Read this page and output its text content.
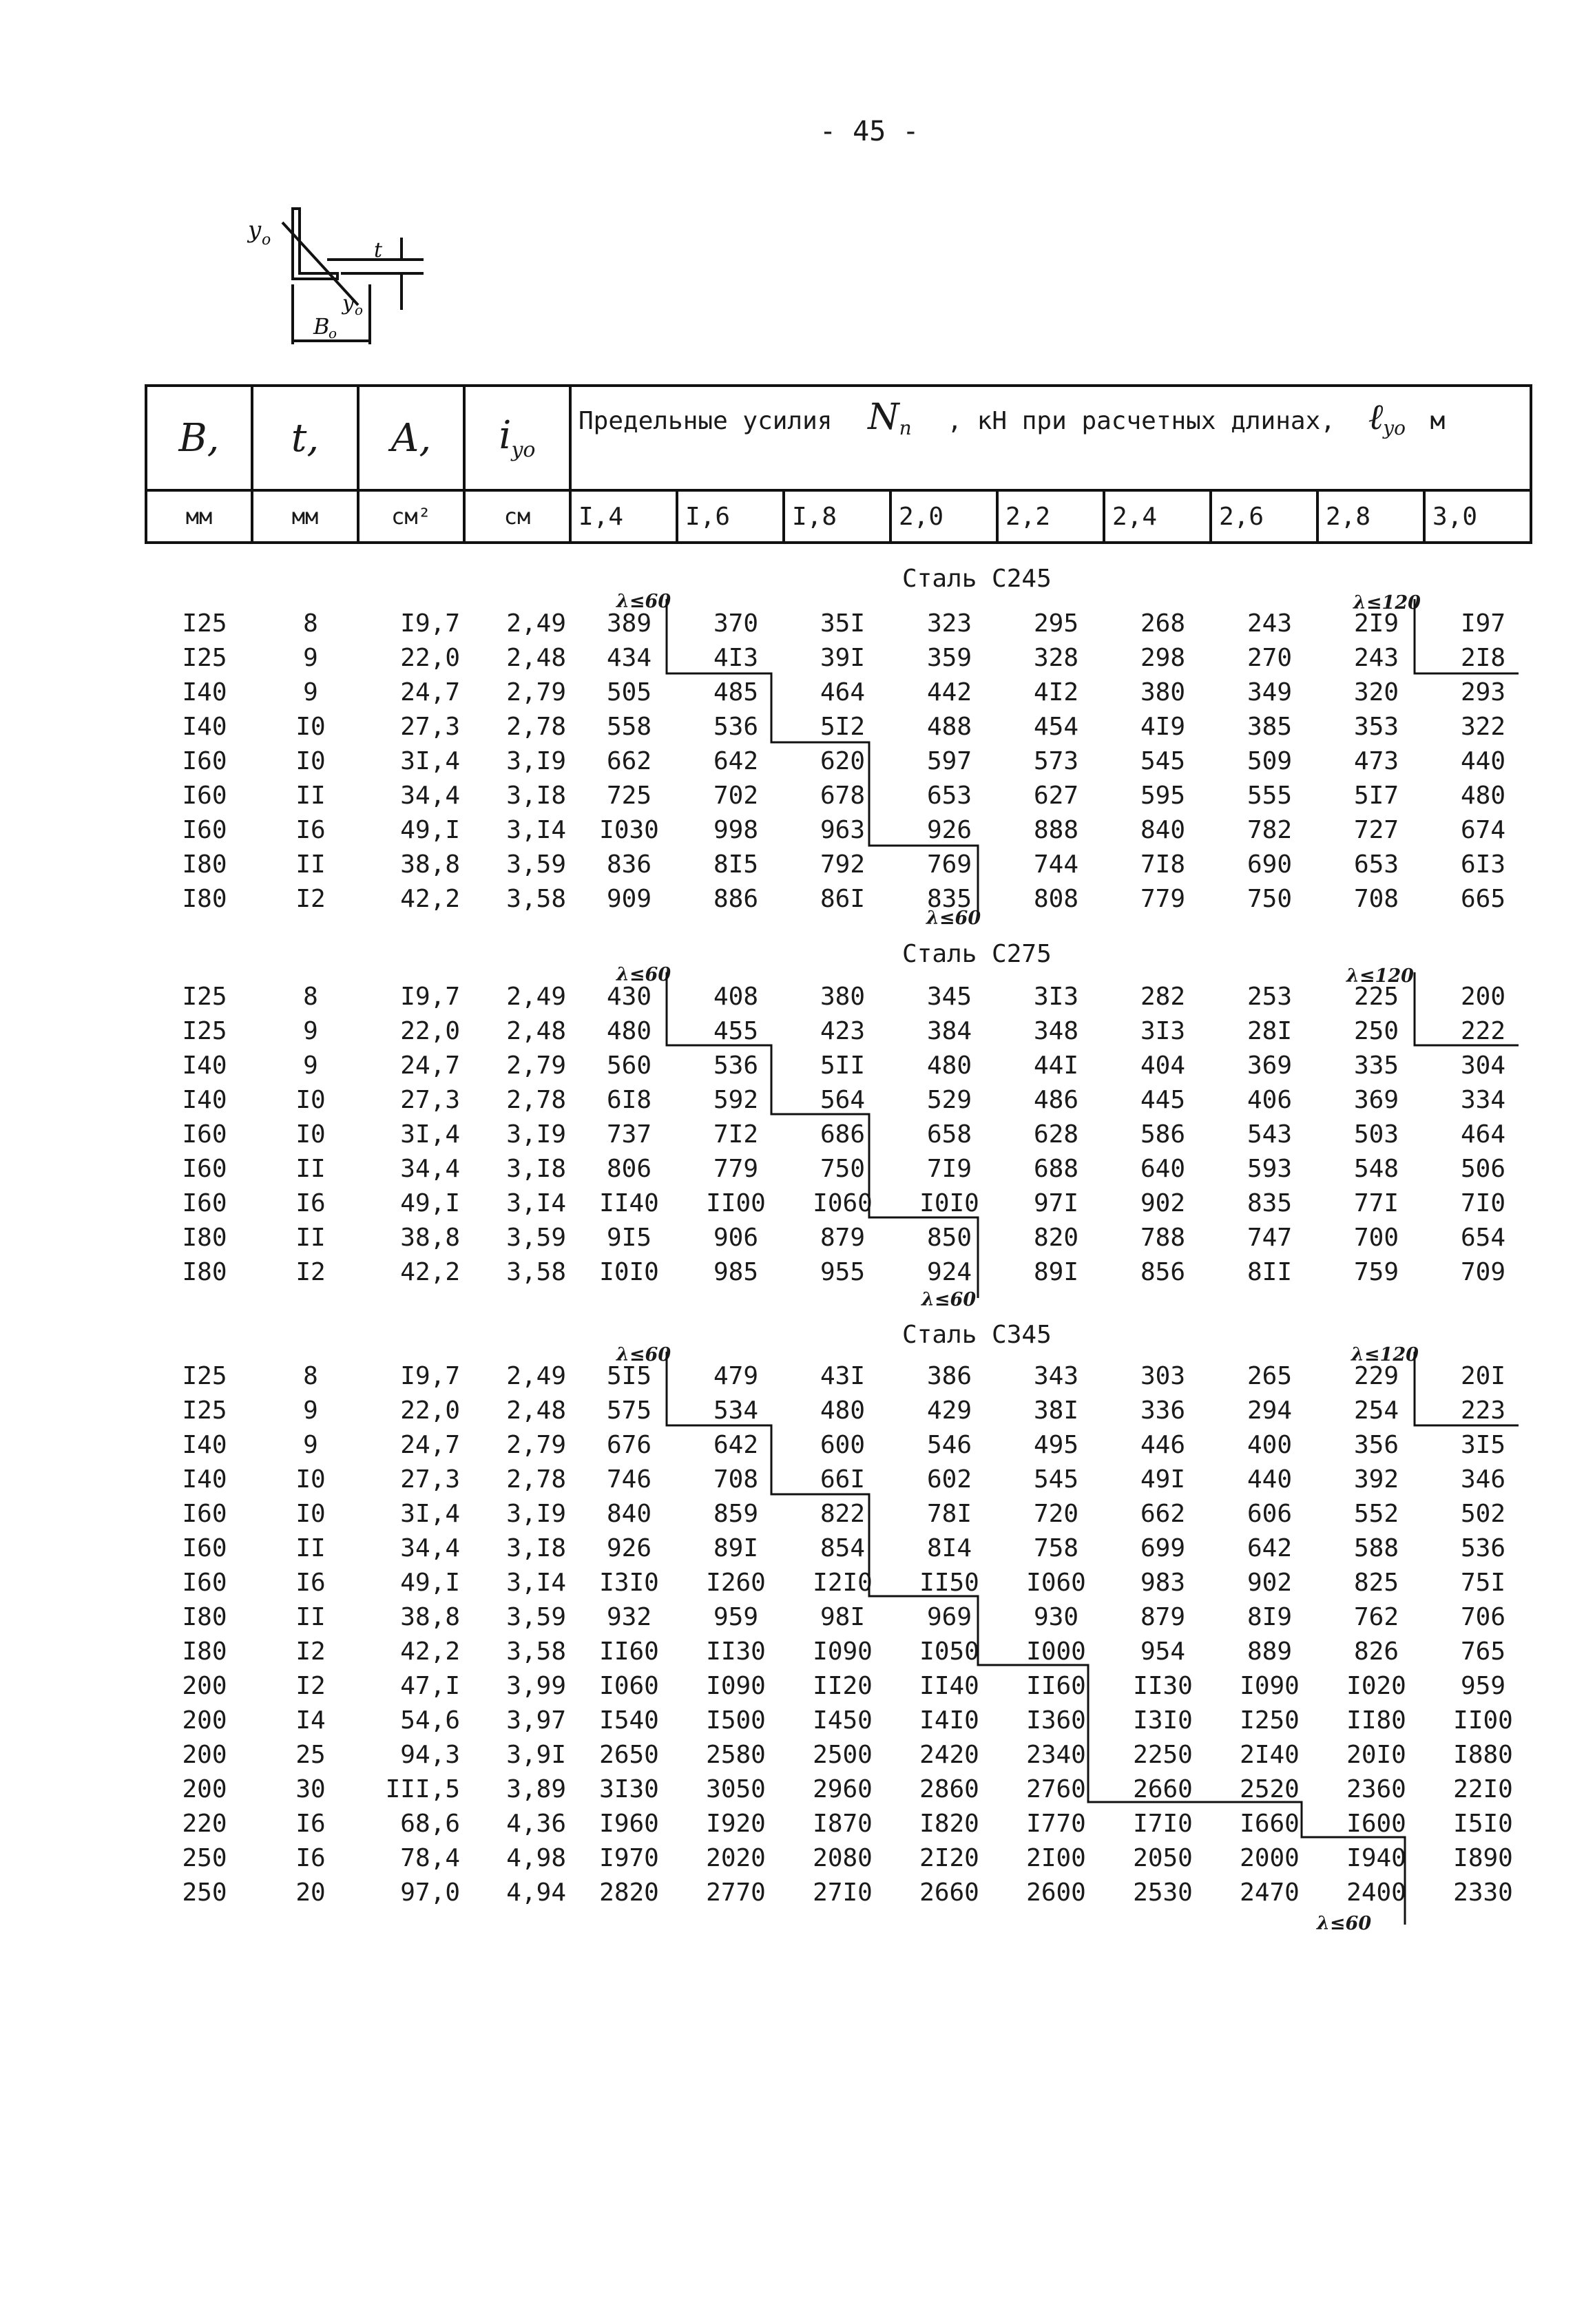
- 45 -
y o
y o
B
o
t
B,	t,	A,	$i_{yo}$	Предельные усилия $N_n$ , кН при расчетных длинах, ℓ$_{yo}$ м								
мм	мм	см²	см	I,4	I,6	I,8	2,0	2,2	2,4	2,6	2,8	3,0
Сталь С245
Сталь С275
Сталь С345
λ≤60	λ≤120
λ≤60
λ≤60	λ≤120
λ≤60
λ≤60	λ≤120
λ≤60
I25	8	I9,7	2,49	389	370	35I	323	295	268	243	2I9	I97
I25	9	22,0	2,48	434	4I3	39I	359	328	298	270	243	2I8
I40	9	24,7	2,79	505	485	464	442	4I2	380	349	320	293
I40	I0	27,3	2,78	558	536	5I2	488	454	4I9	385	353	322
I60	I0	3I,4	3,I9	662	642	620	597	573	545	509	473	440
I60	II	34,4	3,I8	725	702	678	653	627	595	555	5I7	480
I60	I6	49,I	3,I4	I030	998	963	926	888	840	782	727	674
I80	II	38,8	3,59	836	8I5	792	769	744	7I8	690	653	6I3
I80	I2	42,2	3,58	909	886	86I	835	808	779	750	708	665
I25	8	I9,7	2,49	430	408	380	345	3I3	282	253	225	200
I25	9	22,0	2,48	480	455	423	384	348	3I3	28I	250	222
I40	9	24,7	2,79	560	536	5II	480	44I	404	369	335	304
I40	I0	27,3	2,78	6I8	592	564	529	486	445	406	369	334
I60	I0	3I,4	3,I9	737	7I2	686	658	628	586	543	503	464
I60	II	34,4	3,I8	806	779	750	7I9	688	640	593	548	506
I60	I6	49,I	3,I4	II40	II00	I060	I0I0	97I	902	835	77I	7I0
I80	II	38,8	3,59	9I5	906	879	850	820	788	747	700	654
I80	I2	42,2	3,58	I0I0	985	955	924	89I	856	8II	759	709
I25	8	I9,7	2,49	5I5	479	43I	386	343	303	265	229	20I
I25	9	22,0	2,48	575	534	480	429	38I	336	294	254	223
I40	9	24,7	2,79	676	642	600	546	495	446	400	356	3I5
I40	I0	27,3	2,78	746	708	66I	602	545	49I	440	392	346
I60	I0	3I,4	3,I9	840	859	822	78I	720	662	606	552	502
I60	II	34,4	3,I8	926	89I	854	8I4	758	699	642	588	536
I60	I6	49,I	3,I4	I3I0	I260	I2I0	II50	I060	983	902	825	75I
I80	II	38,8	3,59	932	959	98I	969	930	879	8I9	762	706
I80	I2	42,2	3,58	II60	II30	I090	I050	I000	954	889	826	765
200	I2	47,I	3,99	I060	I090	II20	II40	II60	II30	I090	I020	959
200	I4	54,6	3,97	I540	I500	I450	I4I0	I360	I3I0	I250	II80	II00
200	25	94,3	3,9I	2650	2580	2500	2420	2340	2250	2I40	20I0	I880
200	30	III,5	3,89	3I30	3050	2960	2860	2760	2660	2520	2360	22I0
220	I6	68,6	4,36	I960	I920	I870	I820	I770	I7I0	I660	I600	I5I0
250	I6	78,4	4,98	I970	2020	2080	2I20	2I00	2050	2000	I940	I890
250	20	97,0	4,94	2820	2770	27I0	2660	2600	2530	2470	2400	2330
